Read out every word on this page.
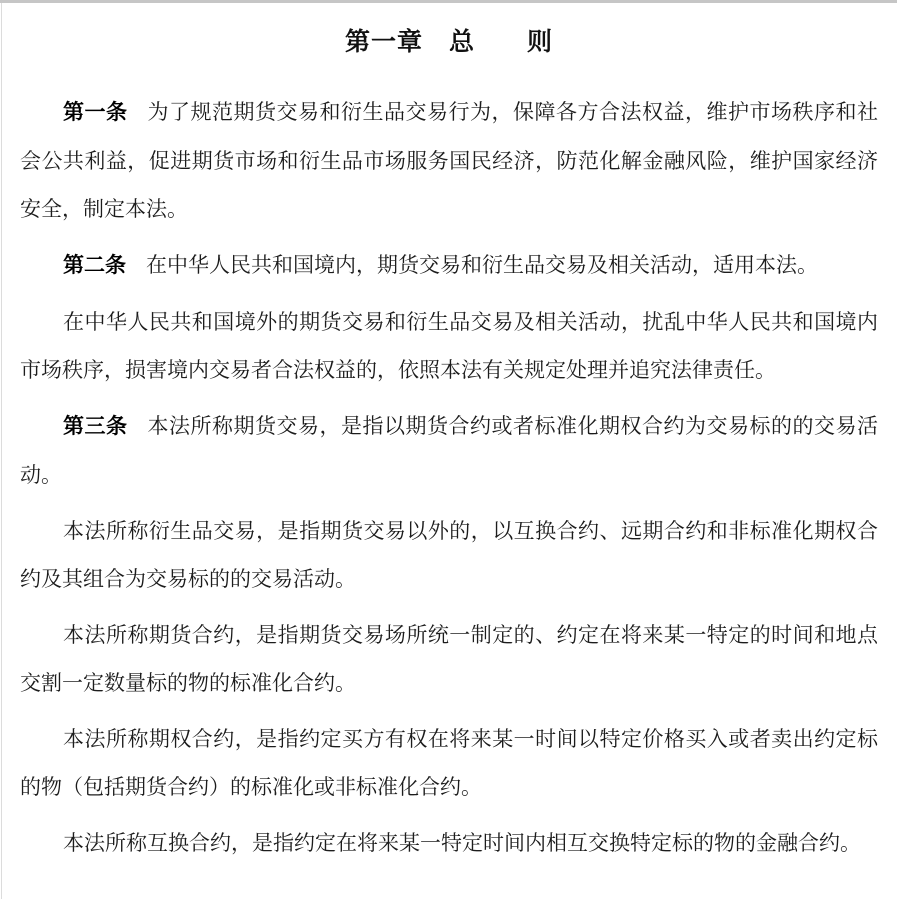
第一章　总　　则

第一条 为了规范期货交易和衍生品交易行为，保障各方合法权益，维护市场秩序和社会公共利益，促进期货市场和衍生品市场服务国民经济，防范化解金融风险，维护国家经济安全，制定本法。

第二条 在中华人民共和国境内，期货交易和衍生品交易及相关活动，适用本法。

在中华人民共和国境外的期货交易和衍生品交易及相关活动，扰乱中华人民共和国境内市场秩序，损害境内交易者合法权益的，依照本法有关规定处理并追究法律责任。

第三条 本法所称期货交易，是指以期货合约或者标准化期权合约为交易标的的交易活动。

本法所称衍生品交易，是指期货交易以外的，以互换合约、远期合约和非标准化期权合约及其组合为交易标的的交易活动。

本法所称期货合约，是指期货交易场所统一制定的、约定在将来某一特定的时间和地点交割一定数量标的物的标准化合约。

本法所称期权合约，是指约定买方有权在将来某一时间以特定价格买入或者卖出约定标的物（包括期货合约）的标准化或非标准化合约。

本法所称互换合约，是指约定在将来某一特定时间内相互交换特定标的物的金融合约。
